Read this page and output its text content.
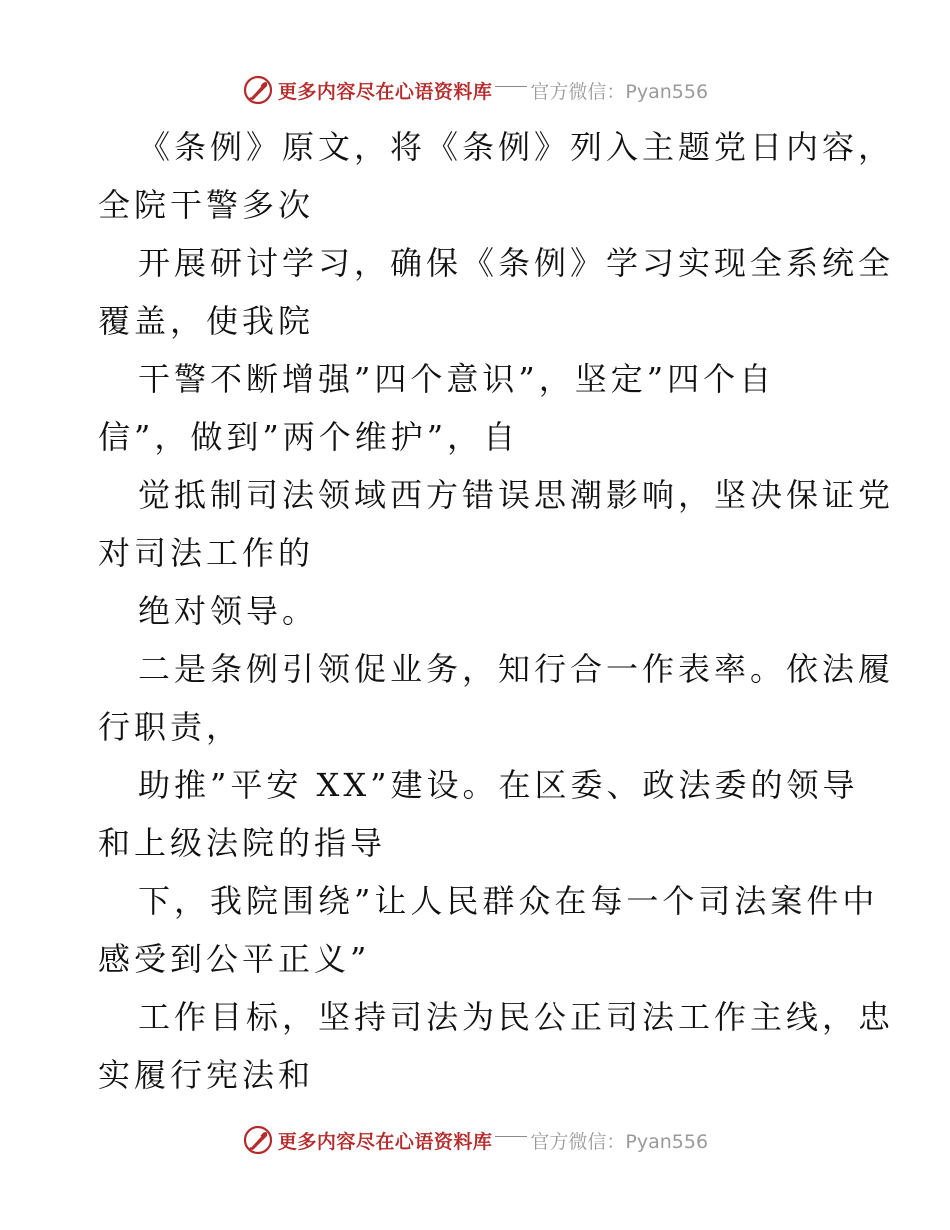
更多内容尽在心语资料库 官方微信：Pyan556
《条例》原文，将《条例》列入主题党日内容，
全院干警多次
开展研讨学习，确保《条例》学习实现全系统全
覆盖，使我院
干警不断增强”四个意识”，坚定”四个自
信”，做到”两个维护”，自
觉抵制司法领域西方错误思潮影响，坚决保证党
对司法工作的
绝对领导。
二是条例引领促业务，知行合一作表率。依法履
行职责，
助推”平安 XX”建设。在区委、政法委的领导
和上级法院的指导
下，我院围绕”让人民群众在每一个司法案件中
感受到公平正义”
工作目标，坚持司法为民公正司法工作主线，忠
实履行宪法和
更多内容尽在心语资料库 官方微信：Pyan556
